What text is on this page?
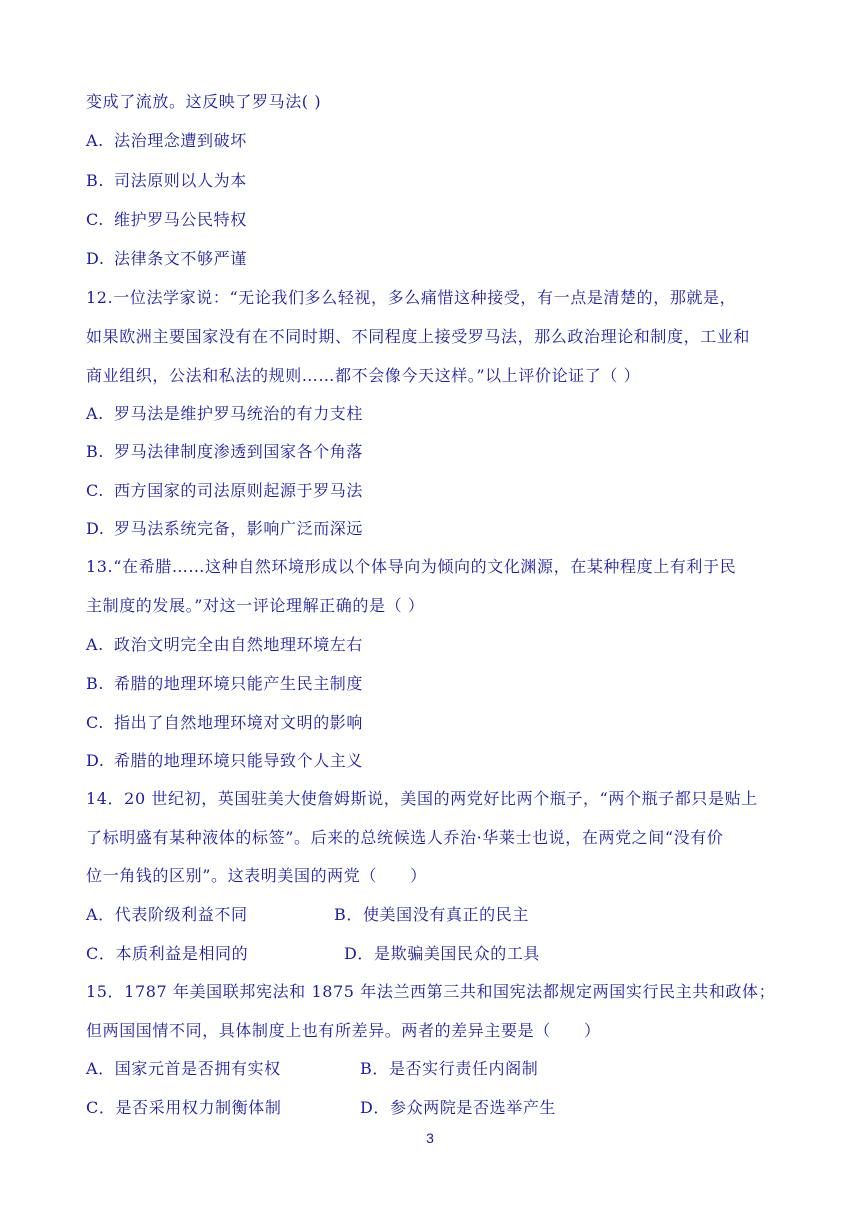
变成了流放。这反映了罗马法( )
A. 法治理念遭到破坏
B. 司法原则以人为本
C. 维护罗马公民特权
D. 法律条文不够严谨
12.一位法学家说：“无论我们多么轻视，多么痛惜这种接受，有一点是清楚的，那就是，
如果欧洲主要国家没有在不同时期、不同程度上接受罗马法，那么政治理论和制度，工业和
商业组织，公法和私法的规则……都不会像今天这样。”以上评价论证了（ ）
A. 罗马法是维护罗马统治的有力支柱
B. 罗马法律制度渗透到国家各个角落
C. 西方国家的司法原则起源于罗马法
D. 罗马法系统完备，影响广泛而深远
13.“在希腊……这种自然环境形成以个体导向为倾向的文化渊源，在某种程度上有利于民
主制度的发展。”对这一评论理解正确的是（ ）
A. 政治文明完全由自然地理环境左右
B. 希腊的地理环境只能产生民主制度
C. 指出了自然地理环境对文明的影响
D. 希腊的地理环境只能导致个人主义
14．20 世纪初，英国驻美大使詹姆斯说，美国的两党好比两个瓶子，“两个瓶子都只是贴上
了标明盛有某种液体的标签”。后来的总统候选人乔治·华莱士也说，在两党之间“没有价
位一角钱的区别”。这表明美国的两党（　　）
A．代表阶级利益不同	B．使美国没有真正的民主
C．本质利益是相同的	D．是欺骗美国民众的工具
15．1787 年美国联邦宪法和 1875 年法兰西第三共和国宪法都规定两国实行民主共和政体；
但两国国情不同，具体制度上也有所差异。两者的差异主要是（　　）
A．国家元首是否拥有实权	B．是否实行责任内阁制
C．是否采用权力制衡体制	D．参众两院是否选举产生
3
